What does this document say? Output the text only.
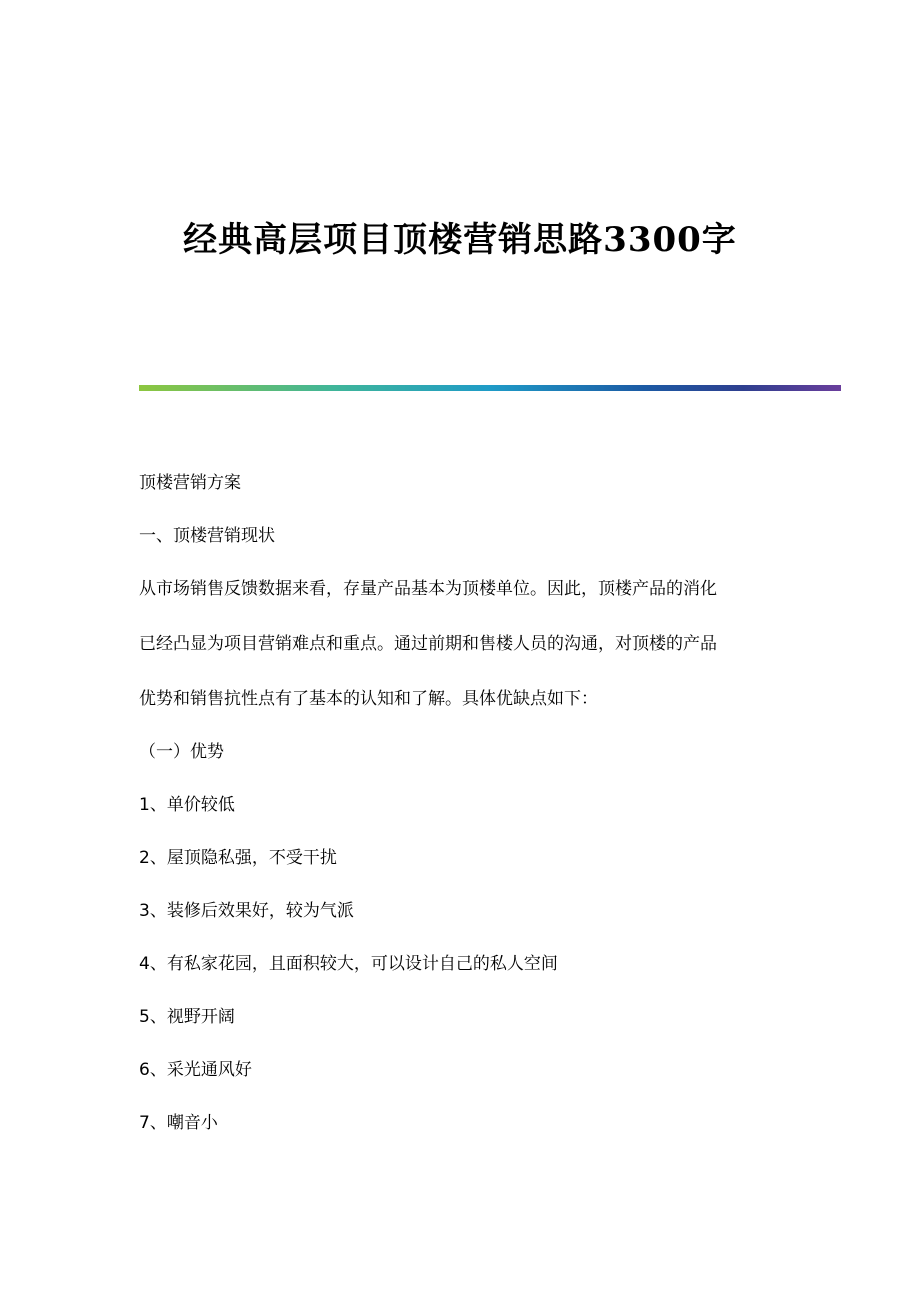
经典高层项目顶楼营销思路3300字

顶楼营销方案

一、顶楼营销现状

从市场销售反馈数据来看，存量产品基本为顶楼单位。因此，顶楼产品的消化

已经凸显为项目营销难点和重点。通过前期和售楼人员的沟通，对顶楼的产品

优势和销售抗性点有了基本的认知和了解。具体优缺点如下：

（一）优势

1、单价较低

2、屋顶隐私强，不受干扰

3、装修后效果好，较为气派

4、有私家花园，且面积较大，可以设计自己的私人空间

5、视野开阔

6、采光通风好

7、嘲音小
